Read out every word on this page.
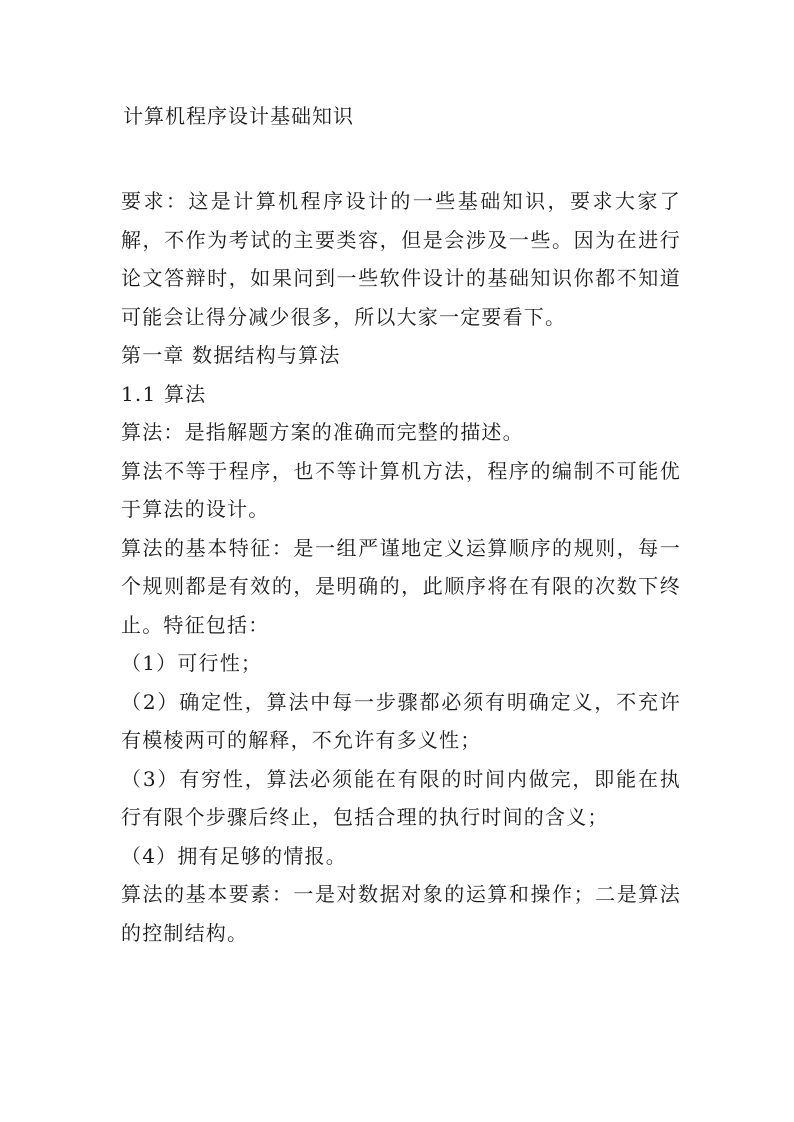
计算机程序设计基础知识

要求：这是计算机程序设计的一些基础知识，要求大家了解，不作为考试的主要类容，但是会涉及一些。因为在进行论文答辩时，如果问到一些软件设计的基础知识你都不知道可能会让得分减少很多，所以大家一定要看下。

第一章 数据结构与算法

1.1 算法

算法：是指解题方案的准确而完整的描述。

算法不等于程序，也不等计算机方法，程序的编制不可能优于算法的设计。

算法的基本特征：是一组严谨地定义运算顺序的规则，每一个规则都是有效的，是明确的，此顺序将在有限的次数下终止。特征包括：

（1）可行性；

（2）确定性，算法中每一步骤都必须有明确定义，不充许有模棱两可的解释，不允许有多义性；

（3）有穷性，算法必须能在有限的时间内做完，即能在执行有限个步骤后终止，包括合理的执行时间的含义；

（4）拥有足够的情报。

算法的基本要素：一是对数据对象的运算和操作；二是算法的控制结构。
